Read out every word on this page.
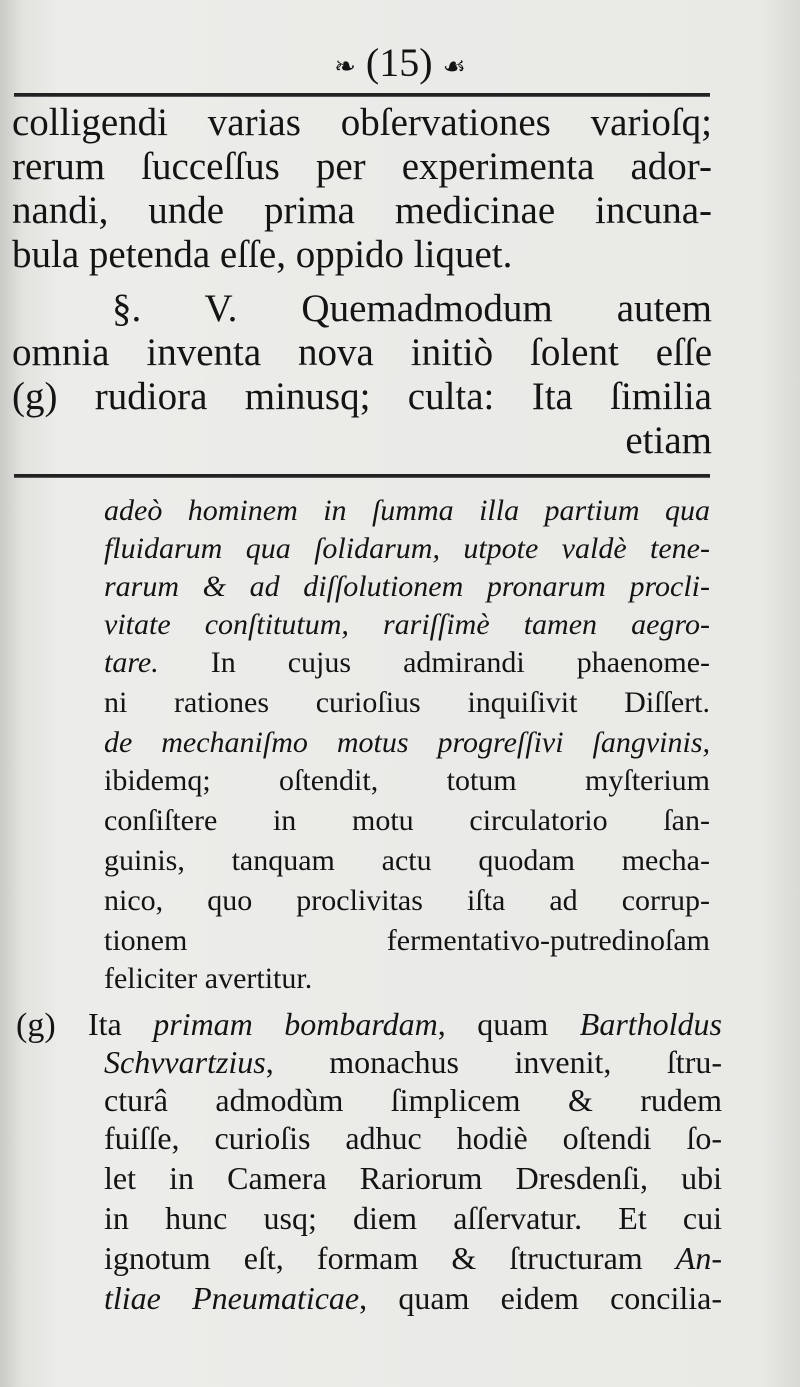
❧ (15) ☙
colligendi varias obſervationes varioſq;
rerum ſucceſſus per experimenta ador-
nandi, unde prima medicinae incuna-
bula petenda eſſe, oppido liquet.
§. V. Quemadmodum autem
omnia inventa nova initiò ſolent eſſe
(g) rudiora minusq; culta: Ita ſimilia
etiam
adeò hominem in ſumma illa partium qua
fluidarum qua ſolidarum, utpote valdè tene-
rarum & ad diſſolutionem pronarum procli-
vitate conſtitutum, rariſſimè tamen aegro-
tare. In cujus admirandi phaenome-
ni rationes curioſius inquiſivit Diſſert.
de mechaniſmo motus progreſſivi ſangvinis,
ibidemq; oſtendit, totum myſterium
conſiſtere in motu circulatorio ſan-
guinis, tanquam actu quodam mecha-
nico, quo proclivitas iſta ad corrup-
tionem fermentativo-putredinoſam
feliciter avertitur.
(g) Ita primam bombardam, quam Bartholdus
Schvvartzius, monachus invenit, ſtru-
cturâ admodùm ſimplicem & rudem
fuiſſe, curioſis adhuc hodiè oſtendi ſo-
let in Camera Rariorum Dresdenſi, ubi
in hunc usq; diem aſſervatur. Et cui
ignotum eſt, formam & ſtructuram An-
tliae Pneumaticae, quam eidem concilia-
